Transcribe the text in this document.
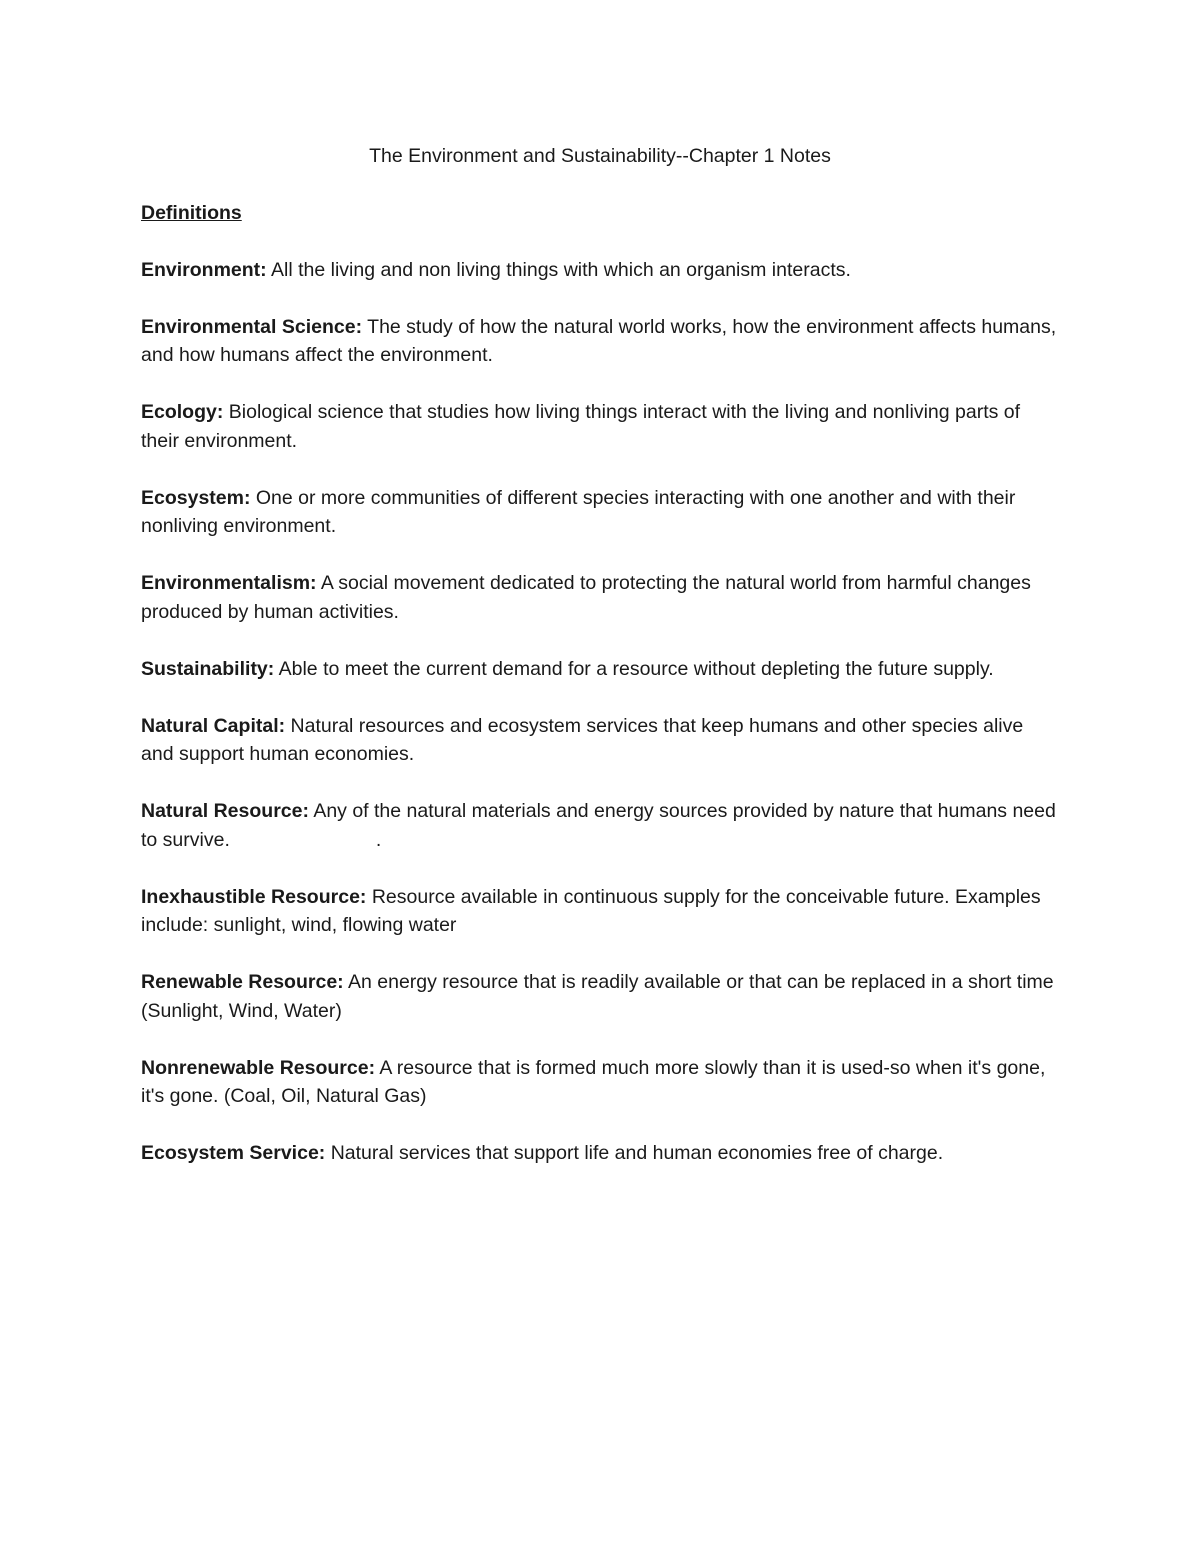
The Environment and Sustainability--Chapter 1 Notes
Definitions
Environment: All the living and non living things with which an organism interacts.
Environmental Science: The study of how the natural world works, how the environment affects humans, and how humans affect the environment.
Ecology: Biological science that studies how living things interact with the living and nonliving parts of their environment.
Ecosystem: One or more communities of different species interacting with one another and with their nonliving environment.
Environmentalism: A social movement dedicated to protecting the natural world from harmful changes produced by human activities.
Sustainability: Able to meet the current demand for a resource without depleting the future supply.
Natural Capital: Natural resources and ecosystem services that keep humans and other species alive and support human economies.
Natural Resource: Any of the natural materials and energy sources provided by nature that humans need to survive.	.
Inexhaustible Resource: Resource available in continuous supply for the conceivable future. Examples include: sunlight, wind, flowing water
Renewable Resource: An energy resource that is readily available or that can be replaced in a short time (Sunlight, Wind, Water)
Nonrenewable Resource: A resource that is formed much more slowly than it is used-so when it's gone, it's gone. (Coal, Oil, Natural Gas)
Ecosystem Service: Natural services that support life and human economies free of charge.
